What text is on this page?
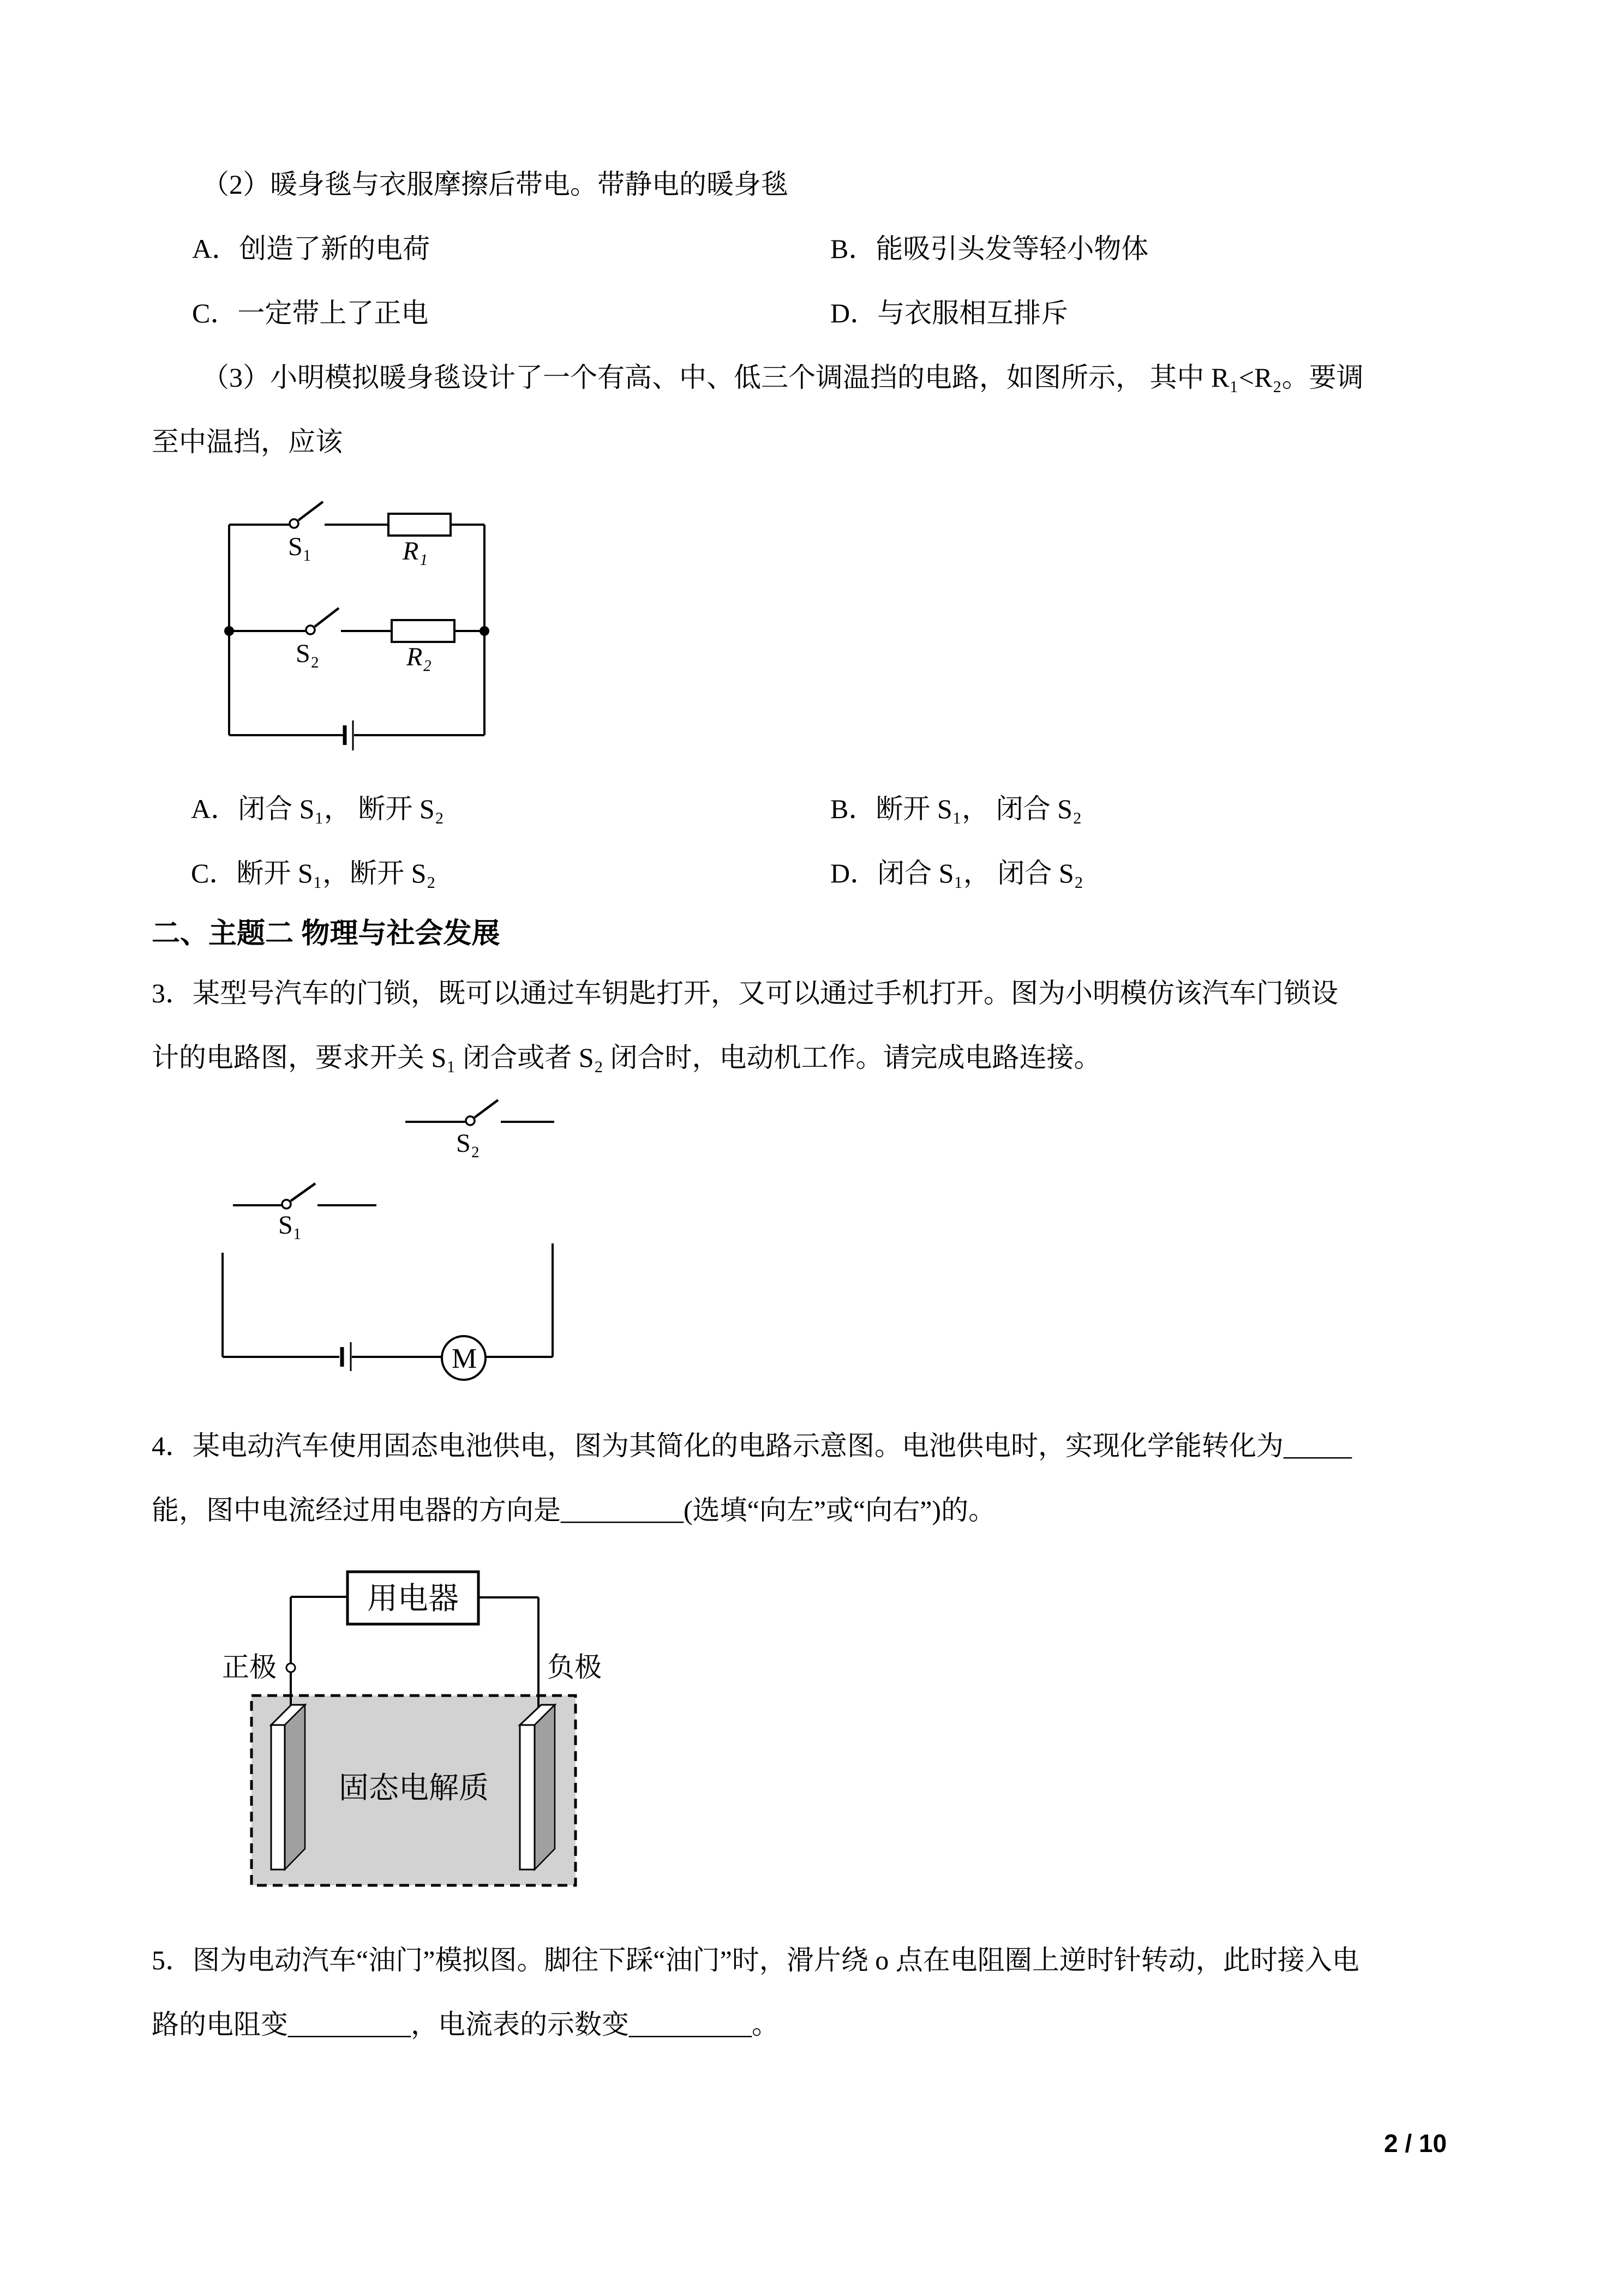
（2）暖身毯与衣服摩擦后带电。带静电的暖身毯
A．创造了新的电荷	B．能吸引头发等轻小物体
C．一定带上了正电	D．与衣服相互排斥
（3）小明模拟暖身毯设计了一个有高、中、低三个调温挡的电路，如图所示， 其中 R₁<R₂。要调
至中温挡，应该
S₁	R₁
S₂	R₂
A．闭合 S₁， 断开 S₂	B．断开 S₁， 闭合 S₂
C．断开 S₁，断开 S₂	D．闭合 S₁， 闭合 S₂
二、主题二 物理与社会发展
3．某型号汽车的门锁，既可以通过车钥匙打开，又可以通过手机打开。图为小明模仿该汽车门锁设
计的电路图，要求开关 S₁ 闭合或者 S₂ 闭合时，电动机工作。请完成电路连接。
S₂
S₁
M
4．某电动汽车使用固态电池供电，图为其简化的电路示意图。电池供电时，实现化学能转化为_____
能，图中电流经过用电器的方向是_________(选填“向左”或“向右”)的。
用电器
正极	负极
固态电解质
5．图为电动汽车“油门”模拟图。脚往下踩“油门”时，滑片绕 o 点在电阻圈上逆时针转动，此时接入电
路的电阻变_________，电流表的示数变_________。
2 / 10
